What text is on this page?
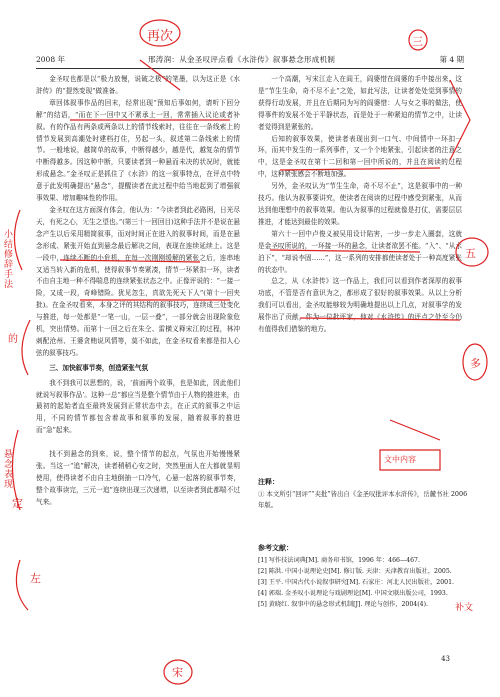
2008 年	邢涛润：从金圣叹评点看《水浒传》叙事悬念形成机制	第 4 期

金圣叹也都是以“极力放慢，说破之极”的笔墨，以为这正是《水浒传》的“提然变现”做准备。

章回体叙事作品的回末，经常出现“预知后事如何，请听下回分解”的结语，“而在下一回中又不紧承上一回，常常插入议论或者补叙。有的作品有两条或两条以上的情节线索时，往往在一条线索上的情节发展到高潮处时建档打住，另起一头，叙述第二条线索上的情节。一般地说，越简单的故事，中断得越少，越是代，越复杂的情节中断得越多。因这种中断，只要读者到一种悬而未决的状况时，就能形成悬念。”金圣叹正是抓住了《水浒》的这一叙事特点，在评点中特意于此发明确提出“悬念”，提醒读者在此过程中给当地起到了增强叙事效果、增加趣味性的作用。

金圣叹在这方面深有体会，他认为：“今读者到此必路困，日光尽天，有死之心，无生之望也。”(第三十一回回目)这种手法并不是说在悬念产生以后采用精简叙事，而对时间正在进入的叙事时间，而是在悬念形成、紧张开始直到悬念最后解决之间，表现在连续延续上。这是一段中，连续不断的小危机，在每一次刚刚缓解的紧张之后，连串地又适当转入新的危机，使得叙事节奏紧凑，情节一环紧扣一环，读者不由自主地一种不得喘息的连续紧张状态之中。正像评说的：“一接一险，又成一段，奇峰错险。犹见忽生，真欲先死天下人”(第十一回夹批)。在金圣叹看来，本身之评的其结构的叙事技巧，连续成三处变化与推进，每一处都是“一笔一山，一层一叠”，一部分就会出现险象危机，突出情势。而第十一回之后在朱仝、雷横义释宋江的过程，林冲刺配沧州、王婆贪贿说风情等，莫不如此，在金圣叹看来都是扣人心弦的叙事技巧。

三、加快叙事节奏，创造紧张气氛

我不到我可以思想的，说，‘前面两个故事，也是如此，因此他们就说写叙事作品’。这种一总”都应当是整个情节由于人物的推进来，由最初的起始者直至最终发展到正常状态中去，在正式的叙事之中运用，不同的情节都包含着故事和叙事的发展，随着叙事的推进而“急”起来。

找不到悬念的到来，说，整个情节的起点，气氛也开始慢慢紧张。当这一“追”解决，读者稍稍心安之时，突然里面人在大都就显明使用，使得读者不由自主地倒抽一口冷气，心悬一起落的叙事节奏，整个故事读完，三元一追”连续出现三次递增，以至读者到此都喘不过气来。

一个高潮，写宋江走入在阎王，阎婆惜在阎婆的手中接出来，这是“节生生命，奇不尽不止”之处，如此写法，让读者处处觉到事情的获得行动发展，并且在后期同为写的阎婆惜：人与女之事的做法，使得事件的发展不处于平静状态，而是处于一种紧迫的情节之中，让读者觉得到是紧张的。

后知的叙事效果，使读者表现出到一口气、中间情中一环扣一环，而其中发生的一系列事件，又一个个地紧张，引起读者的注意之中，这是金圣叹在第十二回和第一回中所说的，并且在阅读的过程中，这种紧张感会不断地加强。

另外，金圣叹认为“节生生命，奇不尽不止”，这是叙事中的一种技巧。他认为叙事要讲究，使读者在阅读的过程中感受到紧张，从而达到他理想中的叙事效果。他认为叙事的过程就像是打仗，需要层层推进，才能达到最佳的效果。

第六十一回中卢俊义被吴用设计陷害，一步一步走入圈套，这就是金圣叹所说的，一环接一环的悬念，让读者欲罢不能。“入”、“从水泊下”，“却说李固……”，这一系列的安排都使读者处于一种高度紧张的状态中。

总之，从《水浒传》这一作品上，我们可以看到作者深厚的叙事功底，不管是否有意识为之，都形成了很好的叙事效果。从以上分析我们可以看出，金圣叹能够较为明确地提出以上几点，对叙事学的发展作出了贡献，作为一位批评家，他对《水浒传》的评点之处至今仍有值得我们借鉴的地方。

注释：

① 本文所引“回评”“夹批”皆出自《金圣叹批评本水浒传》，岳麓书社 2006 年版。

参考文献：

[1] 写作技法词典[M]. 商务印书馆，1996 年：466—467.

[2] 陈洪. 中国小说理论史[M]. 修订版. 天津：天津教育出版社，2005.

[3] 王平. 中国古代小说叙事研究[M]. 石家庄：河北人民出版社，2001.

[4] 郭瑞. 金圣叹小说理论与戏剧理论[M]. 中国文联出版公司，1993.

[5] 黄晓红. 叙事中的悬念形式机制[J]. 理论与创作，2004(4).

43
再次
小结
修辞手法
的
悬念表现
左
定
三
五
多
文中内容
补文
宋
